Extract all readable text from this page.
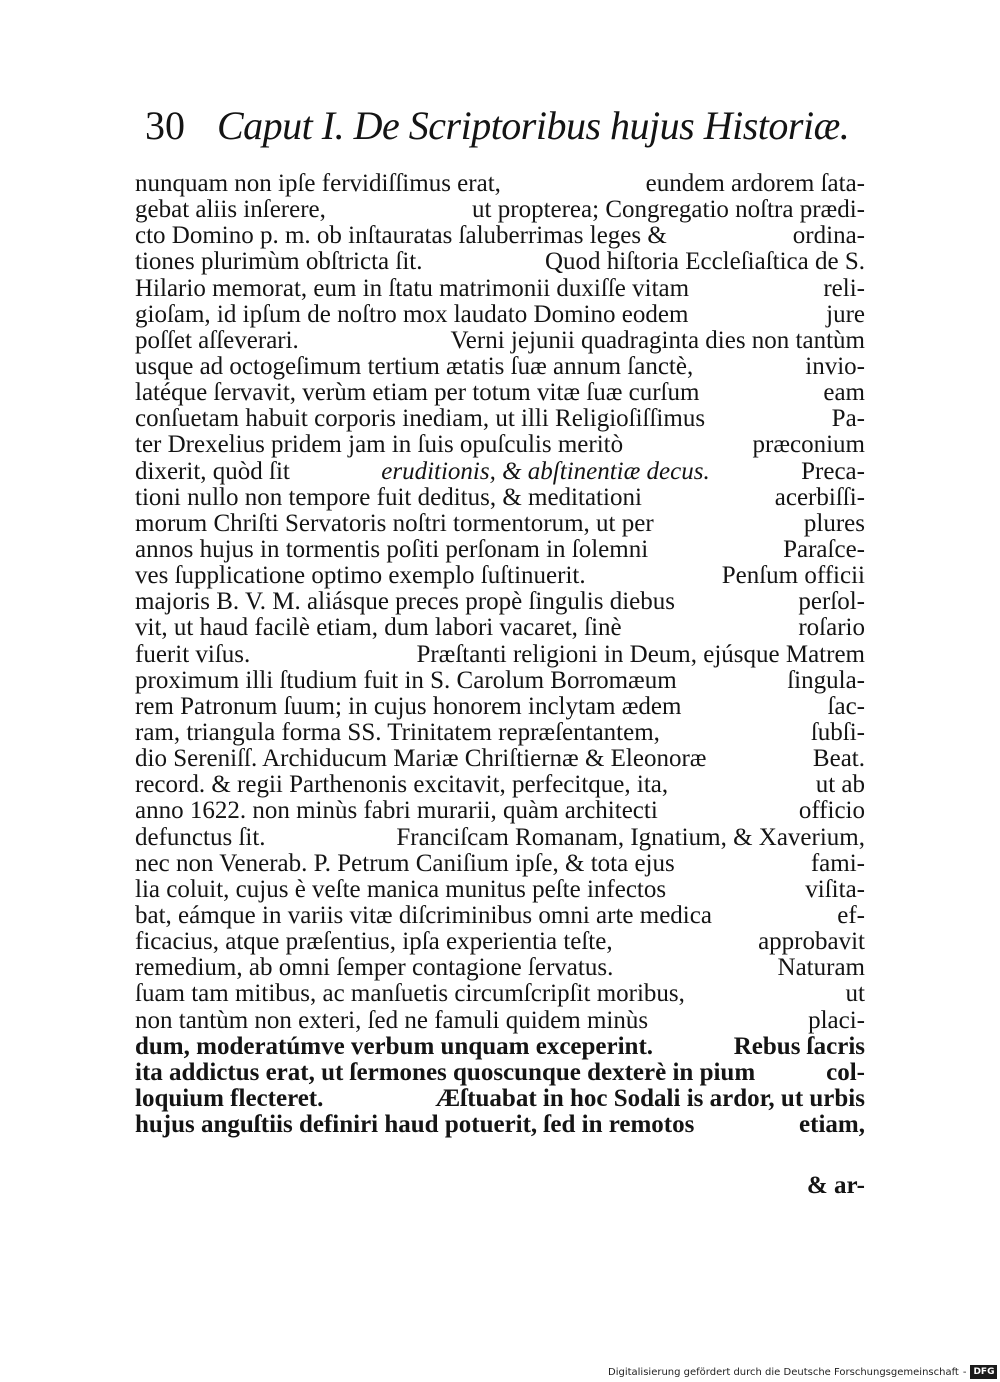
30 Caput I. De Scriptoribus hujus Historiæ.
nunquam non ipſe fervidiſſimus erat,	eundem ardorem ſata-
gebat aliis inſerere,	ut propterea; Congregatio noſtra prædi-
cto Domino p. m. ob inſtauratas ſaluberrimas leges &	ordina-
tiones plurimùm obſtricta ſit.	Quod hiſtoria Eccleſiaſtica de S.
Hilario memorat, eum in ſtatu matrimonii duxiſſe vitam	reli-
gioſam, id ipſum de noſtro mox laudato Domino eodem	jure
poſſet aſſeverari.	Verni jejunii quadraginta dies non tantùm
usque ad octogeſimum tertium ætatis ſuæ annum ſanctè,	invio-
latéque ſervavit, verùm etiam per totum vitæ ſuæ curſum	eam
conſuetam habuit corporis inediam, ut illi Religioſiſſimus	Pa-
ter Drexelius pridem jam in ſuis opuſculis meritò	præconium
dixerit, quòd ſit	eruditionis, & abſtinentiæ decus.	Preca-
tioni nullo non tempore fuit deditus, & meditationi	acerbiſſi-
morum Chriſti Servatoris noſtri tormentorum, ut per	plures
annos hujus in tormentis poſiti perſonam in ſolemni	Paraſce-
ves ſupplicatione optimo exemplo ſuſtinuerit.	Penſum officii
majoris B. V. M. aliásque preces propè ſingulis diebus	perſol-
vit, ut haud facilè etiam, dum labori vacaret, ſinè	roſario
fuerit viſus.	Præſtanti religioni in Deum, ejúsque Matrem
proximum illi ſtudium fuit in S. Carolum Borromæum	ſingula-
rem Patronum ſuum; in cujus honorem inclytam ædem	ſac-
ram, triangula forma SS. Trinitatem repræſentantem,	ſubſi-
dio Sereniſſ. Archiducum Mariæ Chriſtiernæ & Eleonoræ	Beat.
record. & regii Parthenonis excitavit, perfecitque, ita,	ut ab
anno 1622. non minùs fabri murarii, quàm architecti	officio
defunctus ſit.	Franciſcam Romanam, Ignatium, & Xaverium,
nec non Venerab. P. Petrum Caniſium ipſe, & tota ejus	fami-
lia coluit, cujus è veſte manica munitus peſte infectos	viſita-
bat, eámque in variis vitæ diſcriminibus omni arte medica	ef-
ficacius, atque præſentius, ipſa experientia teſte,	approbavit
remedium, ab omni ſemper contagione ſervatus.	Naturam
ſuam tam mitibus, ac manſuetis circumſcripſit moribus,	ut
non tantùm non exteri, ſed ne famuli quidem minùs	placi-
dum, moderatúmve verbum unquam exceperint.	Rebus ſacris
ita addictus erat, ut ſermones quoscunque dexterè in pium	col-
loquium flecteret.	Æſtuabat in hoc Sodali is ardor, ut urbis
hujus anguſtiis definiri haud potuerit, ſed in remotos	etiam,
& ar-
Digitalisierung gefördert durch die Deutsche Forschungsgemeinschaft - DFG
